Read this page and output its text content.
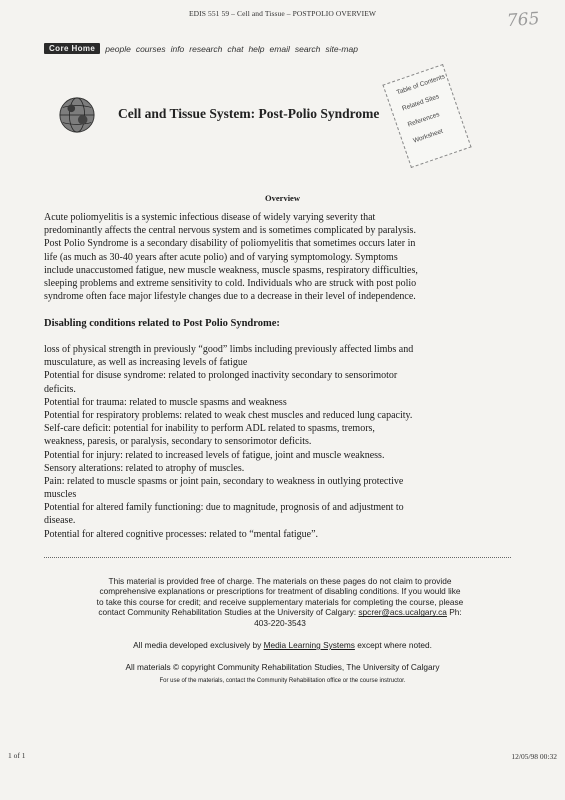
EDIS 551 59 – Cell and Tissue – POSTPOLIO OVERVIEW	765
Core Home	people courses info research chat help email search site-map
Cell and Tissue System: Post-Polio Syndrome
Table of Contents
Related Sites
References
Worksheet
Overview

Acute poliomyelitis is a systemic infectious disease of widely varying severity that
predominantly affects the central nervous system and is sometimes complicated by paralysis.
Post Polio Syndrome is a secondary disability of poliomyelitis that sometimes occurs later in
life (as much as 30-40 years after acute polio) and of varying symptomology. Symptoms
include unaccustomed fatigue, new muscle weakness, muscle spasms, respiratory difficulties,
sleeping problems and extreme sensitivity to cold. Individuals who are struck with post polio
syndrome often face major lifestyle changes due to a decrease in their level of independence.

Disabling conditions related to Post Polio Syndrome:
loss of physical strength in previously “good” limbs including previously affected limbs and
musculature, as well as increasing levels of fatigue
Potential for disuse syndrome: related to prolonged inactivity secondary to sensorimotor
deficits.
Potential for trauma: related to muscle spasms and weakness
Potential for respiratory problems: related to weak chest muscles and reduced lung capacity.
Self-care deficit: potential for inability to perform ADL related to spasms, tremors,
weakness, paresis, or paralysis, secondary to sensorimotor deficits.
Potential for injury: related to increased levels of fatigue, joint and muscle weakness.
Sensory alterations: related to atrophy of muscles.
Pain: related to muscle spasms or joint pain, secondary to weakness in outlying protective
muscles
Potential for altered family functioning: due to magnitude, prognosis of and adjustment to
disease.
Potential for altered cognitive processes: related to “mental fatigue”.
This material is provided free of charge. The materials on these pages do not claim to provide
comprehensive explanations or prescriptions for treatment of disabling conditions. If you would like
to take this course for credit; and receive supplementary materials for completing the course, please
contact Community Rehabilitation Studies at the University of Calgary: spcrer@acs.ucalgary.ca Ph:
403-220-3543
All media developed exclusively by Media Learning Systems except where noted.
All materials © copyright Community Rehabilitation Studies, The University of Calgary
For use of the materials, contact the Community Rehabilitation office or the course instructor.
1 of 1	12/05/98 00:32
